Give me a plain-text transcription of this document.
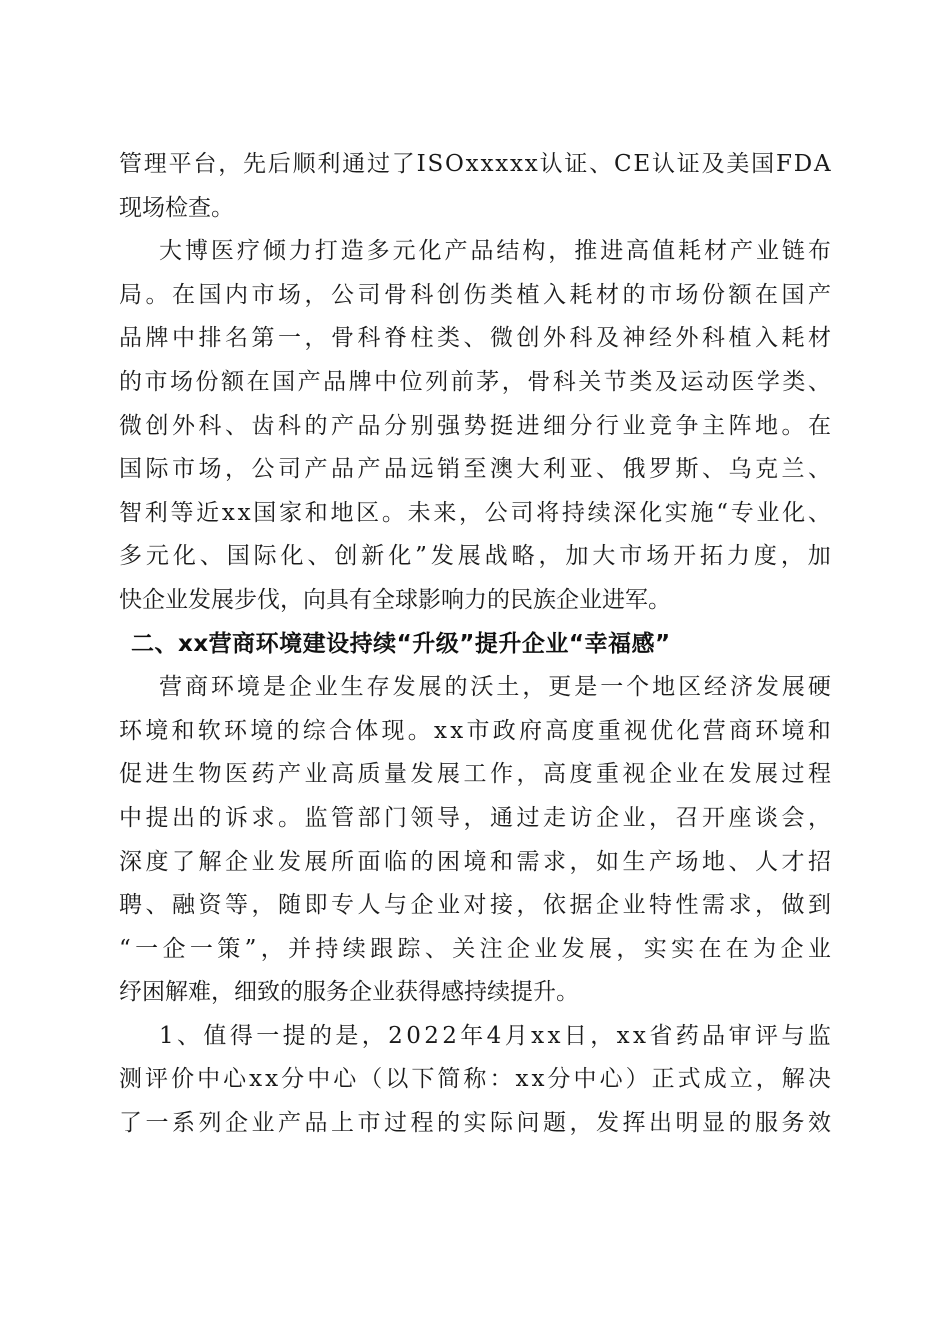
管 理 平 台 ， 先 后 顺 利 通 过 了 I S O x x x x x 认 证 、 C E 认 证 及 美 国 F D A
现场检查。
大 博 医 疗 倾 力 打 造 多 元 化 产 品 结 构 ， 推 进 高 值 耗 材 产 业 链 布
局 。 在 国 内 市 场 ， 公 司 骨 科 创 伤 类 植 入 耗 材 的 市 场 份 额 在 国 产
品 牌 中 排 名 第 一 ， 骨 科 脊 柱 类 、 微 创 外 科 及 神 经 外 科 植 入 耗 材
的 市 场 份 额 在 国 产 品 牌 中 位 列 前 茅 ， 骨 科 关 节 类 及 运 动 医 学 类 、
微 创 外 科 、 齿 科 的 产 品 分 别 强 势 挺 进 细 分 行 业 竞 争 主 阵 地 。 在
国 际 市 场 ， 公 司 产 品 产 品 远 销 至 澳 大 利 亚 、 俄 罗 斯 、 乌 克 兰 、
智 利 等 近 x x 国 家 和 地 区 。 未 来 ， 公 司 将 持 续 深 化 实 施 “ 专 业 化 、
多 元 化 、 国 际 化 、 创 新 化 ” 发 展 战 略 ， 加 大 市 场 开 拓 力 度 ， 加
快企业发展步伐，向具有全球影响力的民族企业进军。
二、xx营商环境建设持续“升级”提升企业“幸福感”
营 商 环 境 是 企 业 生 存 发 展 的 沃 土 ， 更 是 一 个 地 区 经 济 发 展 硬
环 境 和 软 环 境 的 综 合 体 现 。 x x 市 政 府 高 度 重 视 优 化 营 商 环 境 和
促 进 生 物 医 药 产 业 高 质 量 发 展 工 作 ， 高 度 重 视 企 业 在 发 展 过 程
中 提 出 的 诉 求 。 监 管 部 门 领 导 ， 通 过 走 访 企 业 ， 召 开 座 谈 会 ，
深 度 了 解 企 业 发 展 所 面 临 的 困 境 和 需 求 ， 如 生 产 场 地 、 人 才 招
聘 、 融 资 等 ， 随 即 专 人 与 企 业 对 接 ， 依 据 企 业 特 性 需 求 ， 做 到
“ 一 企 一 策 ” ， 并 持 续 跟 踪 、 关 注 企 业 发 展 ， 实 实 在 在 为 企 业
纾困解难，细致的服务企业获得感持续提升。
1 、 值 得 一 提 的 是 ， 2 0 2 2 年 4 月 x x 日 ， x x 省 药 品 审 评 与 监
测 评 价 中 心 x x 分 中 心 （ 以 下 简 称 ： x x 分 中 心 ） 正 式 成 立 ， 解 决
了 一 系 列 企 业 产 品 上 市 过 程 的 实 际 问 题 ， 发 挥 出 明 显 的 服 务 效
